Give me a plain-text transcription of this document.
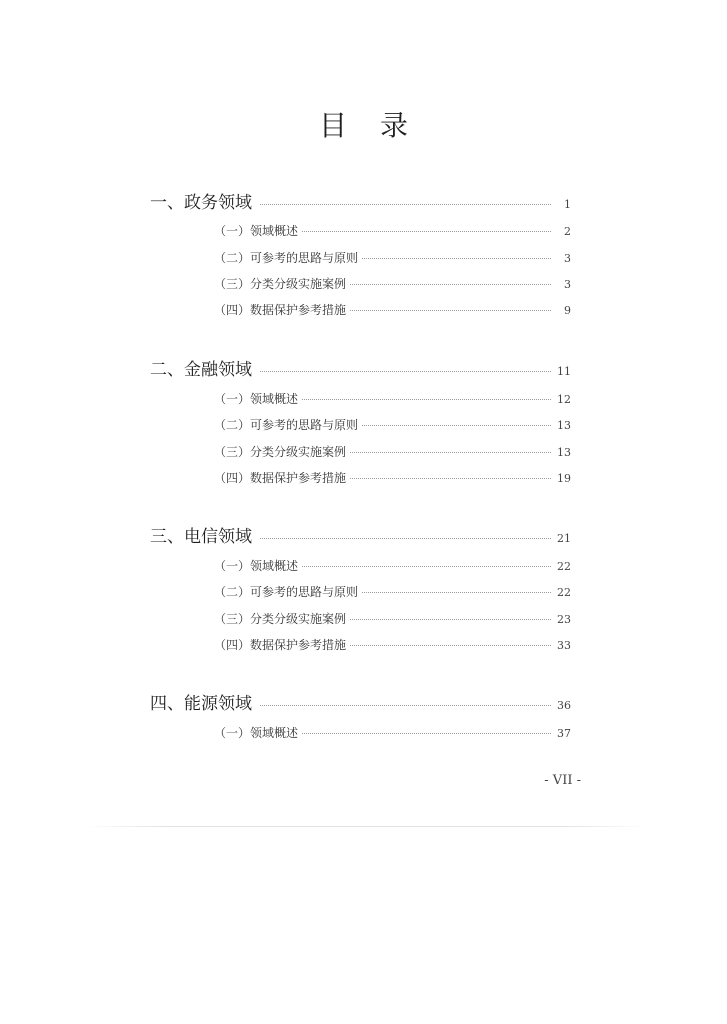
目 录
一、政务领域	1
（一）领域概述	2
（二）可参考的思路与原则	3
（三）分类分级实施案例	3
（四）数据保护参考措施	9
二、金融领域	11
（一）领域概述	12
（二）可参考的思路与原则	13
（三）分类分级实施案例	13
（四）数据保护参考措施	19
三、电信领域	21
（一）领域概述	22
（二）可参考的思路与原则	22
（三）分类分级实施案例	23
（四）数据保护参考措施	33
四、能源领域	36
（一）领域概述	37
- VII -
